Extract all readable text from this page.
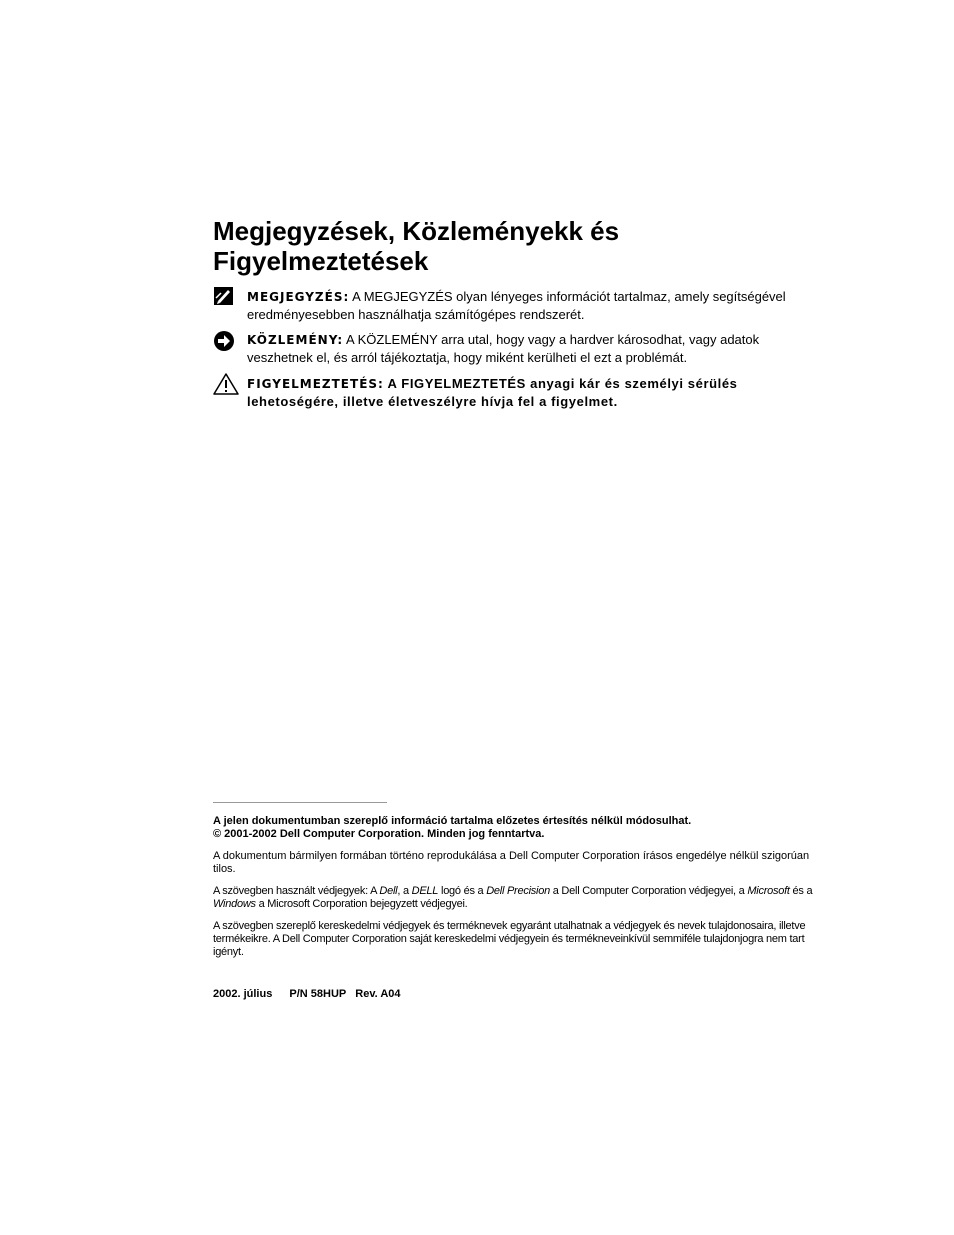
Megjegyzések, Közleményekk és
Figyelmeztetések
MEGJEGYZÉS: A MEGJEGYZÉS olyan lényeges információt tartalmaz, amely segítségével eredményesebben használhatja számítógépes rendszerét.
KÖZLEMÉNY: A KÖZLEMÉNY arra utal, hogy vagy a hardver károsodhat, vagy adatok veszhetnek el, és arról tájékoztatja, hogy miként kerülheti el ezt a problémát.
FIGYELMEZTETÉS: A FIGYELMEZTETÉS anyagi kár és személyi sérülés lehetoségére, illetve életveszélyre hívja fel a figyelmet.

A jelen dokumentumban szereplő információ tartalma előzetes értesítés nélkül módosulhat.
© 2001-2002 Dell Computer Corporation. Minden jog fenntartva.

A dokumentum bármilyen formában történo reprodukálása a Dell Computer Corporation írásos engedélye nélkül szigorúan tilos.

A szövegben használt védjegyek: A Dell, a DELL logó és a Dell Precision a Dell Computer Corporation védjegyei, a Microsoft és a Windows a Microsoft Corporation bejegyzett védjegyei.

A szövegben szereplő kereskedelmi védjegyek és terméknevek egyaránt utalhatnak a védjegyek és nevek tulajdonosaira, illetve termékeikre. A Dell Computer Corporation saját kereskedelmi védjegyein és termékneveinkívül semmiféle tulajdonjogra nem tart igényt.

2002. július P/N 58HUP Rev. A04
